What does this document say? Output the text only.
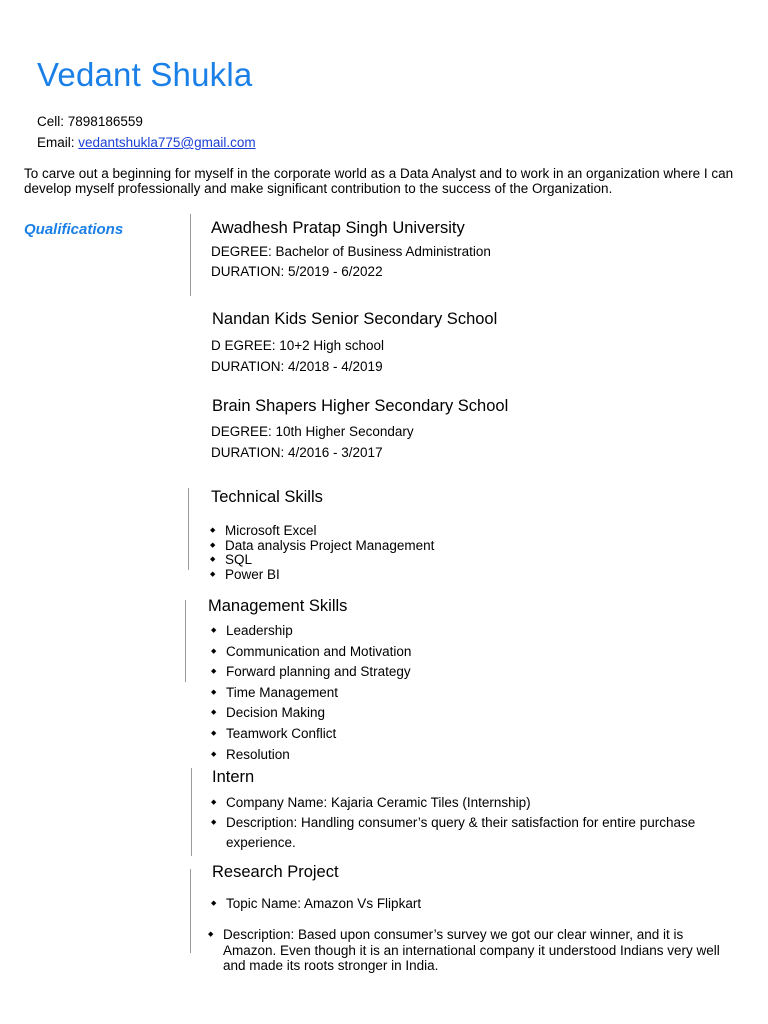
Vedant Shukla
Cell: 7898186559
Email: vedantshukla775@gmail.com
To carve out a beginning for myself in the corporate world as a Data Analyst and to work in an organization where I can develop myself professionally and make significant contribution to the success of the Organization.
Qualifications	Awadhesh Pratap Singh University
DEGREE: Bachelor of Business Administration
DURATION: 5/2019 - 6/2022
Nandan Kids Senior Secondary School
D EGREE: 10+2 High school
DURATION: 4/2018 - 4/2019
Brain Shapers Higher Secondary School
DEGREE: 10th Higher Secondary
DURATION: 4/2016 - 3/2017
Technical Skills
◆ Microsoft Excel
◆ Data analysis Project Management
◆ SQL
◆ Power BI
Management Skills
◆ Leadership
◆ Communication and Motivation
◆ Forward planning and Strategy
◆ Time Management
◆ Decision Making
◆ Teamwork Conflict
◆ Resolution
Intern
◆ Company Name: Kajaria Ceramic Tiles (Internship)
◆ Description: Handling consumer’s query & their satisfaction for entire purchase experience.
Research Project
◆ Topic Name: Amazon Vs Flipkart
◆ Description: Based upon consumer’s survey we got our clear winner, and it is Amazon. Even though it is an international company it understood Indians very well and made its roots stronger in India.
